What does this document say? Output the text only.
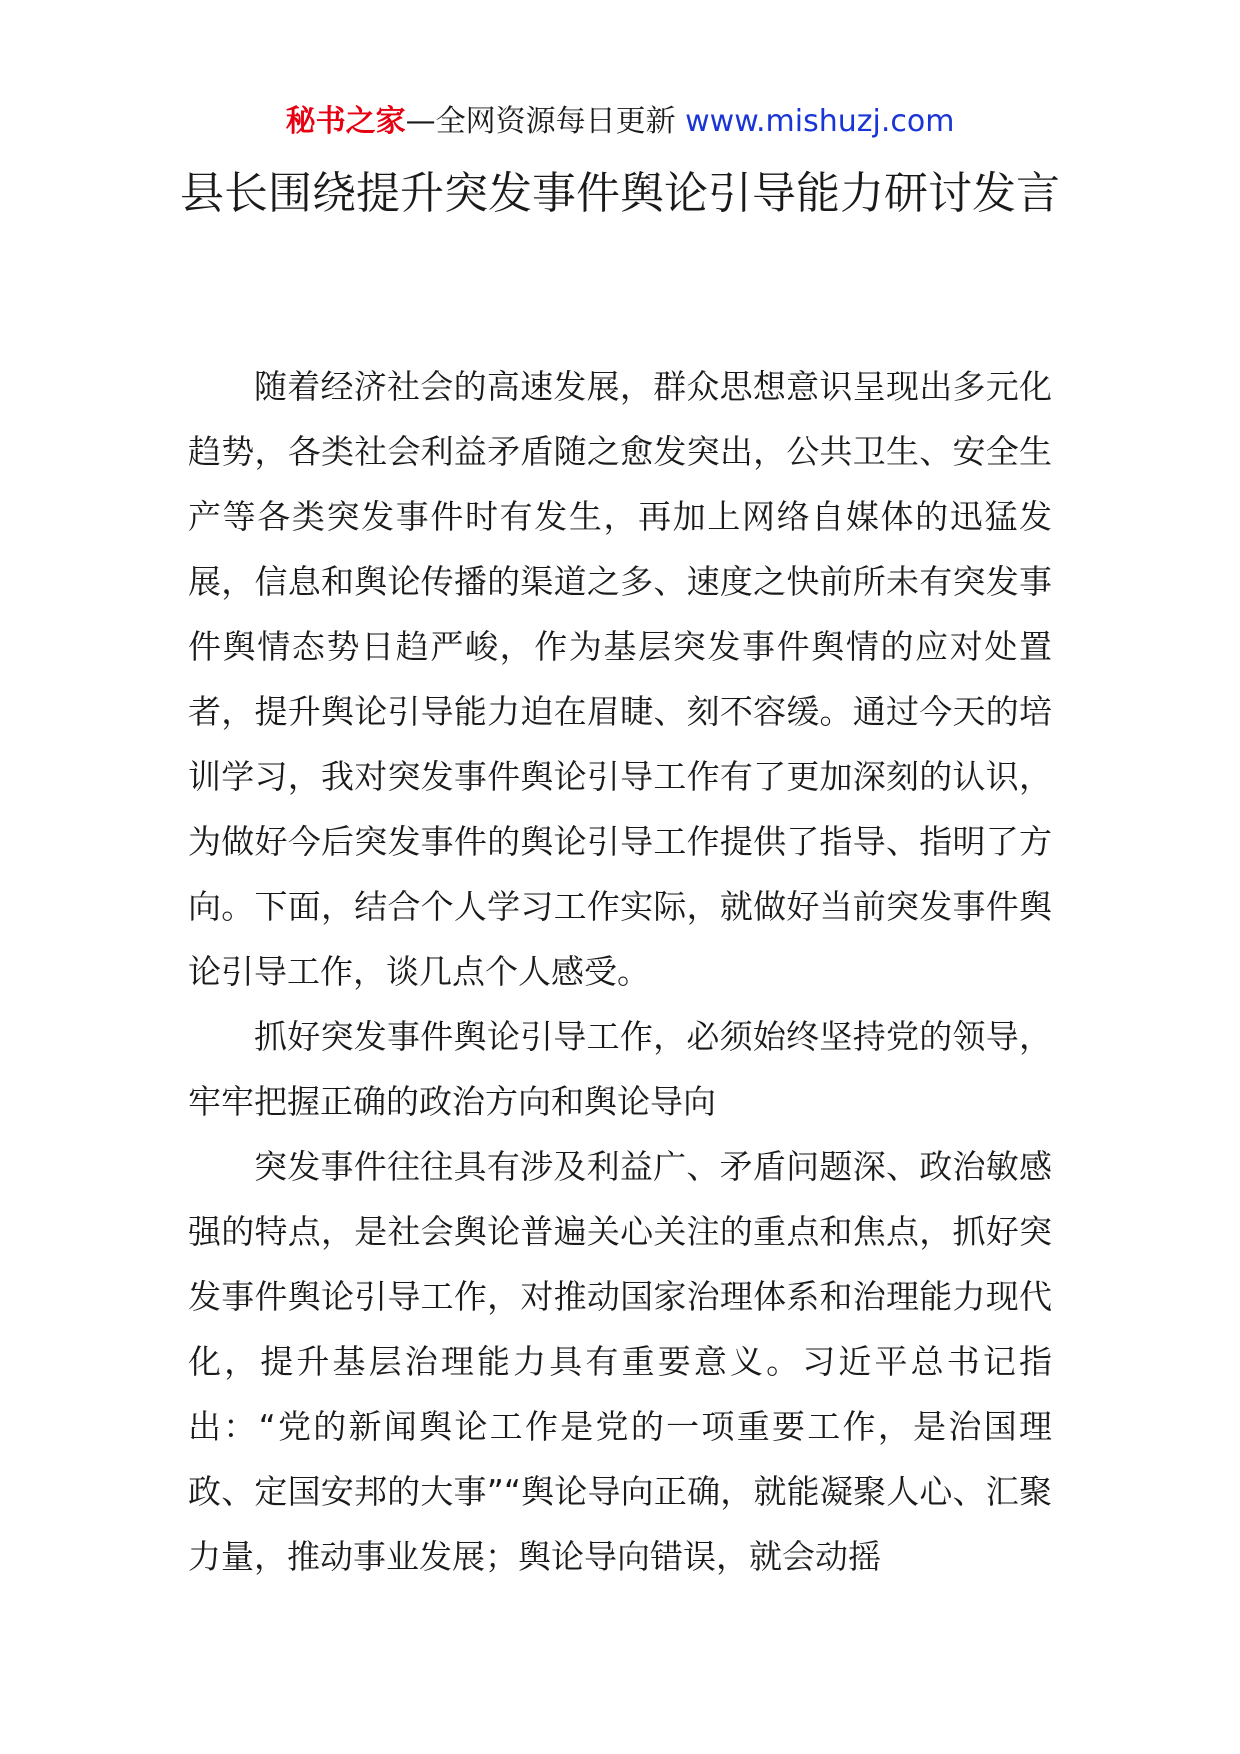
秘书之家—全网资源每日更新 www.mishuzj.com
县长围绕提升突发事件舆论引导能力研讨发言

随着经济社会的高速发展，群众思想意识呈现出多元化趋势，各类社会利益矛盾随之愈发突出，公共卫生、安全生产等各类突发事件时有发生，再加上网络自媒体的迅猛发展，信息和舆论传播的渠道之多、速度之快前所未有突发事件舆情态势日趋严峻，作为基层突发事件舆情的应对处置者，提升舆论引导能力迫在眉睫、刻不容缓。通过今天的培训学习，我对突发事件舆论引导工作有了更加深刻的认识，为做好今后突发事件的舆论引导工作提供了指导、指明了方向。下面，结合个人学习工作实际，就做好当前突发事件舆论引导工作，谈几点个人感受。

抓好突发事件舆论引导工作，必须始终坚持党的领导，牢牢把握正确的政治方向和舆论导向

突发事件往往具有涉及利益广、矛盾问题深、政治敏感强的特点，是社会舆论普遍关心关注的重点和焦点，抓好突发事件舆论引导工作，对推动国家治理体系和治理能力现代化，提升基层治理能力具有重要意义。习近平总书记指出：“党的新闻舆论工作是党的一项重要工作，是治国理政、定国安邦的大事”“舆论导向正确，就能凝聚人心、汇聚力量，推动事业发展；舆论导向错误，就会动摇
